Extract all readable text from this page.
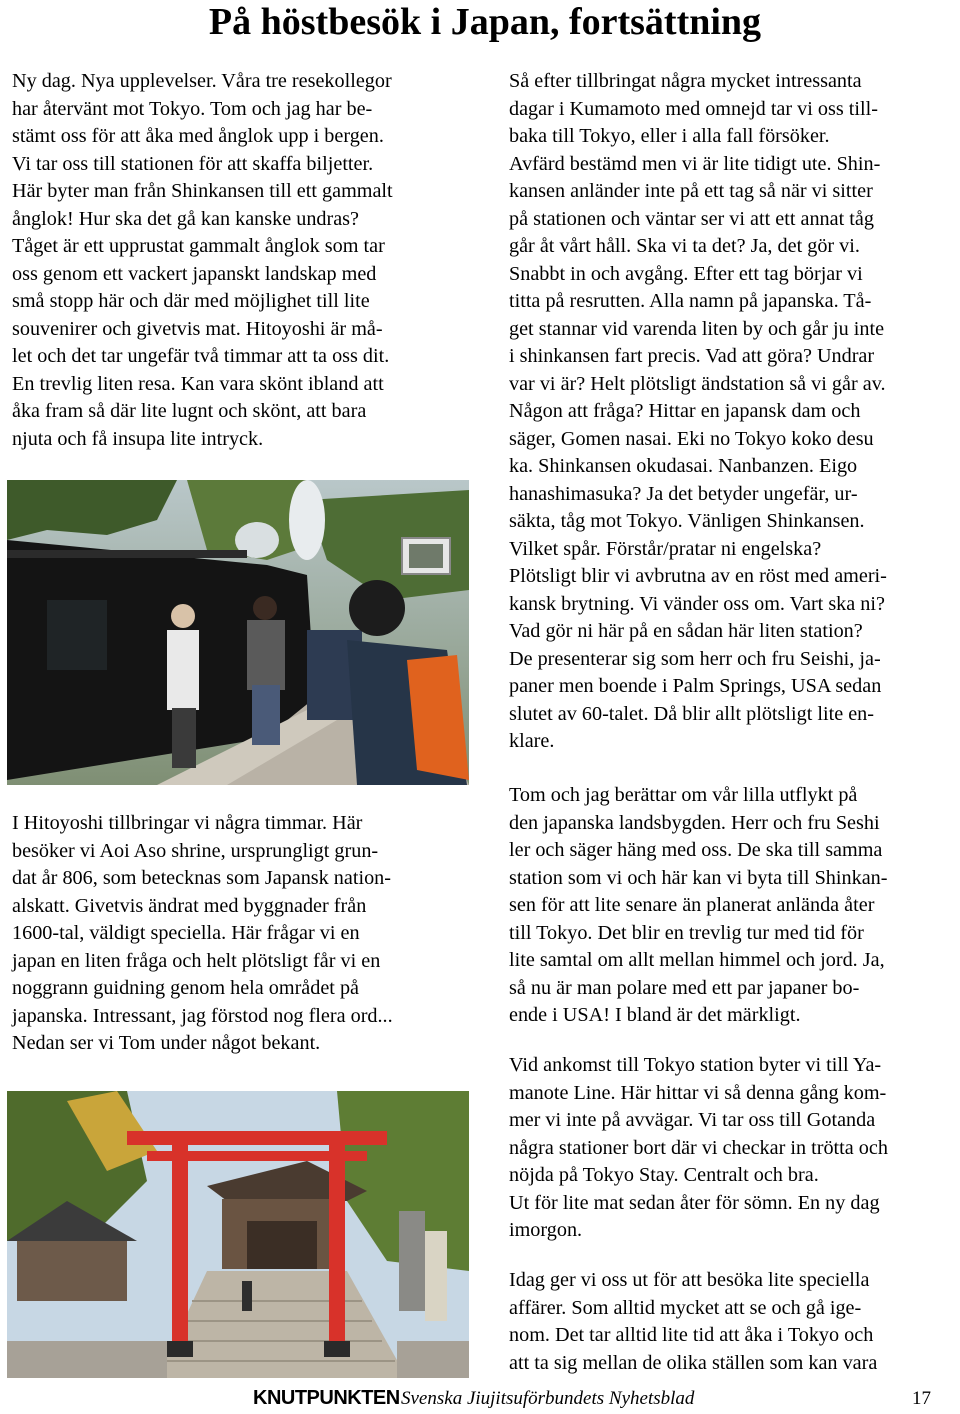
På höstbesök i Japan, fortsättning

Ny dag. Nya upplevelser. Våra tre resekollegor
har återvänt mot Tokyo. Tom och jag har be-
stämt oss för att åka med ånglok upp i bergen.
Vi tar oss till stationen för att skaffa biljetter.
Här byter man från Shinkansen till ett gammalt
ånglok! Hur ska det gå kan kanske undras?
Tåget är ett upprustat gammalt ånglok som tar
oss genom ett vackert japanskt landskap med
små stopp här och där med möjlighet till lite
souvenirer och givetvis mat. Hitoyoshi är må-
let och det tar ungefär två timmar att ta oss dit.
En trevlig liten resa. Kan vara skönt ibland att
åka fram så där lite lugnt och skönt, att bara
njuta och få insupa lite intryck.

I Hitoyoshi tillbringar vi några timmar. Här
besöker vi Aoi Aso shrine, ursprungligt grun-
dat år 806, som betecknas som Japansk nation-
alskatt. Givetvis ändrat med byggnader från
1600-tal, väldigt speciella. Här frågar vi en
japan en liten fråga och helt plötsligt får vi en
noggrann guidning genom hela området på
japanska. Intressant, jag förstod nog flera ord...
Nedan ser vi Tom under något bekant.

Så efter tillbringat några mycket intressanta
dagar i Kumamoto med omnejd tar vi oss till-
baka till Tokyo, eller i alla fall försöker.
Avfärd bestämd men vi är lite tidigt ute. Shin-
kansen anländer inte på ett tag så när vi sitter
på stationen och väntar ser vi att ett annat tåg
går åt vårt håll. Ska vi ta det? Ja, det gör vi.
Snabbt in och avgång. Efter ett tag börjar vi
titta på resrutten. Alla namn på japanska. Tå-
get stannar vid varenda liten by och går ju inte
i shinkansen fart precis. Vad att göra? Undrar
var vi är? Helt plötsligt ändstation så vi går av.
Någon att fråga? Hittar en japansk dam och
säger, Gomen nasai. Eki no Tokyo koko desu
ka. Shinkansen okudasai. Nanbanzen. Eigo
hanashimasuka? Ja det betyder ungefär, ur-
säkta, tåg mot Tokyo. Vänligen Shinkansen.
Vilket spår. Förstår/pratar ni engelska?
Plötsligt blir vi avbrutna av en röst med ameri-
kansk brytning. Vi vänder oss om. Vart ska ni?
Vad gör ni här på en sådan här liten station?
De presenterar sig som herr och fru Seishi, ja-
paner men boende i Palm Springs, USA sedan
slutet av 60-talet. Då blir allt plötsligt lite en-
klare.

Tom och jag berättar om vår lilla utflykt på
den japanska landsbygden. Herr och fru Seshi
ler och säger häng med oss. De ska till samma
station som vi och här kan vi byta till Shinkan-
sen för att lite senare än planerat anlända åter
till Tokyo. Det blir en trevlig tur med tid för
lite samtal om allt mellan himmel och jord. Ja,
så nu är man polare med ett par japaner bo-
ende i USA! I bland är det märkligt.

Vid ankomst till Tokyo station byter vi till Ya-
manote Line. Här hittar vi så denna gång kom-
mer vi inte på avvägar. Vi tar oss till Gotanda
några stationer bort där vi checkar in trötta och
nöjda på Tokyo Stay. Centralt och bra.
Ut för lite mat sedan åter för sömn. En ny dag
imorgon.

Idag ger vi oss ut för att besöka lite speciella
affärer. Som alltid mycket att se och gå ige-
nom. Det tar alltid lite tid att åka i Tokyo och
att ta sig mellan de olika ställen som kan vara

KNUTPUNKTEN Svenska Jiujitsuförbundets Nyhetsblad	17
